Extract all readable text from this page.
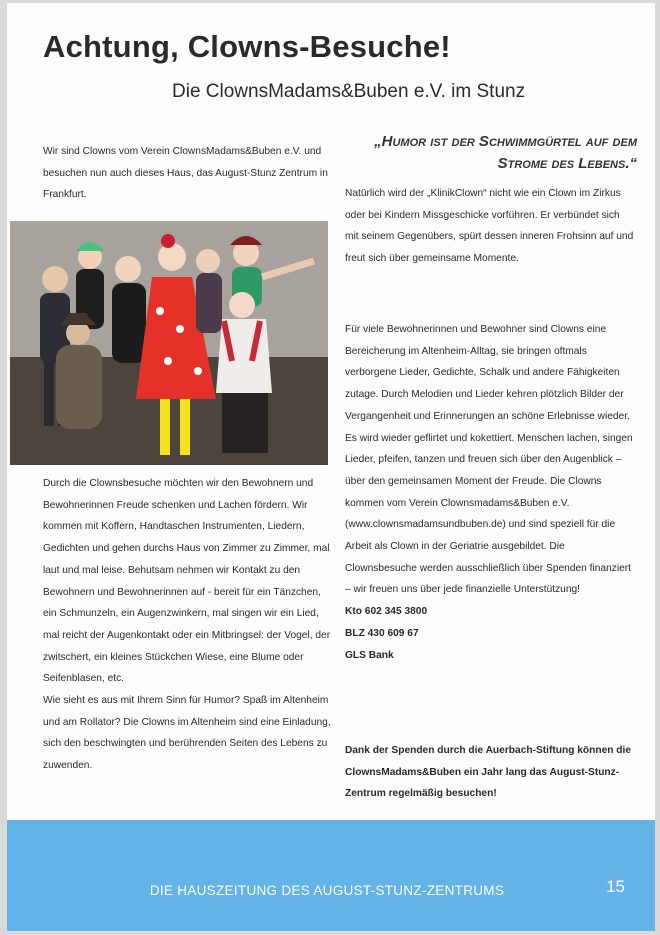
Achtung, Clowns-Besuche!
Die ClownsMadams&Buben e.V. im Stunz

Wir sind Clowns vom Verein ClownsMadams&Buben e.V. und besuchen nun auch dieses Haus, das August-Stunz Zentrum in Frankfurt.

Durch die Clownsbesuche möchten wir den Bewohnern und Bewohnerinnen Freude schenken und Lachen fördern. Wir kommen mit Koffern, Handtaschen Instrumenten, Liedern, Gedichten und gehen durchs Haus von Zimmer zu Zimmer, mal laut und mal leise. Behutsam nehmen wir Kontakt zu den Bewohnern und Bewohnerinnen auf - bereit für ein Tänzchen, ein Schmunzeln, ein Augenzwinkern, mal singen wir ein Lied, mal reicht der Augenkontakt oder ein Mitbringsel: der Vogel, der zwitschert, ein kleines Stückchen Wiese, eine Blume oder Seifenblasen, etc.

Wie sieht es aus mit Ihrem Sinn für Humor? Spaß im Altenheim und am Rollator? Die Clowns im Altenheim sind eine Einladung, sich den beschwingten und berührenden Seiten des Lebens zu zuwenden.

„Humor ist der Schwimmgürtel auf dem Strome des Lebens.“

Natürlich wird der „KlinikClown“ nicht wie ein Clown im Zirkus oder bei Kindern Missgeschicke vorführen. Er verbündet sich mit seinem Gegenübers, spürt dessen inneren Frohsinn auf und freut sich über gemeinsame Momente.

Für viele Bewohnerinnen und Bewohner sind Clowns eine Bereicherung im Altenheim-Alltag, sie bringen oftmals verborgene Lieder, Gedichte, Schalk und andere Fähigkeiten zutage. Durch Melodien und Lieder kehren plötzlich Bilder der Vergangenheit und Erinnerungen an schöne Erlebnisse wieder. Es wird wieder geflirtet und kokettiert. Menschen lachen, singen Lieder, pfeifen, tanzen und freuen sich über den Augenblick – über den gemeinsamen Moment der Freude. Die Clowns kommen vom Verein Clownsmadams&Buben e.V. (www.clownsmadamsundbuben.de) und sind speziell für die Arbeit als Clown in der Geriatrie ausgebildet. Die Clownsbesuche werden ausschließlich über Spenden finanziert – wir freuen uns über jede finanzielle Unterstützung!

Kto 602 345 3800

BLZ 430 609 67

GLS Bank

Dank der Spenden durch die Auerbach-Stiftung können die ClownsMadams&Buben ein Jahr lang das August-Stunz-Zentrum regelmäßig besuchen!

DIE HAUSZEITUNG DES AUGUST-STUNZ-ZENTRUMS	15
